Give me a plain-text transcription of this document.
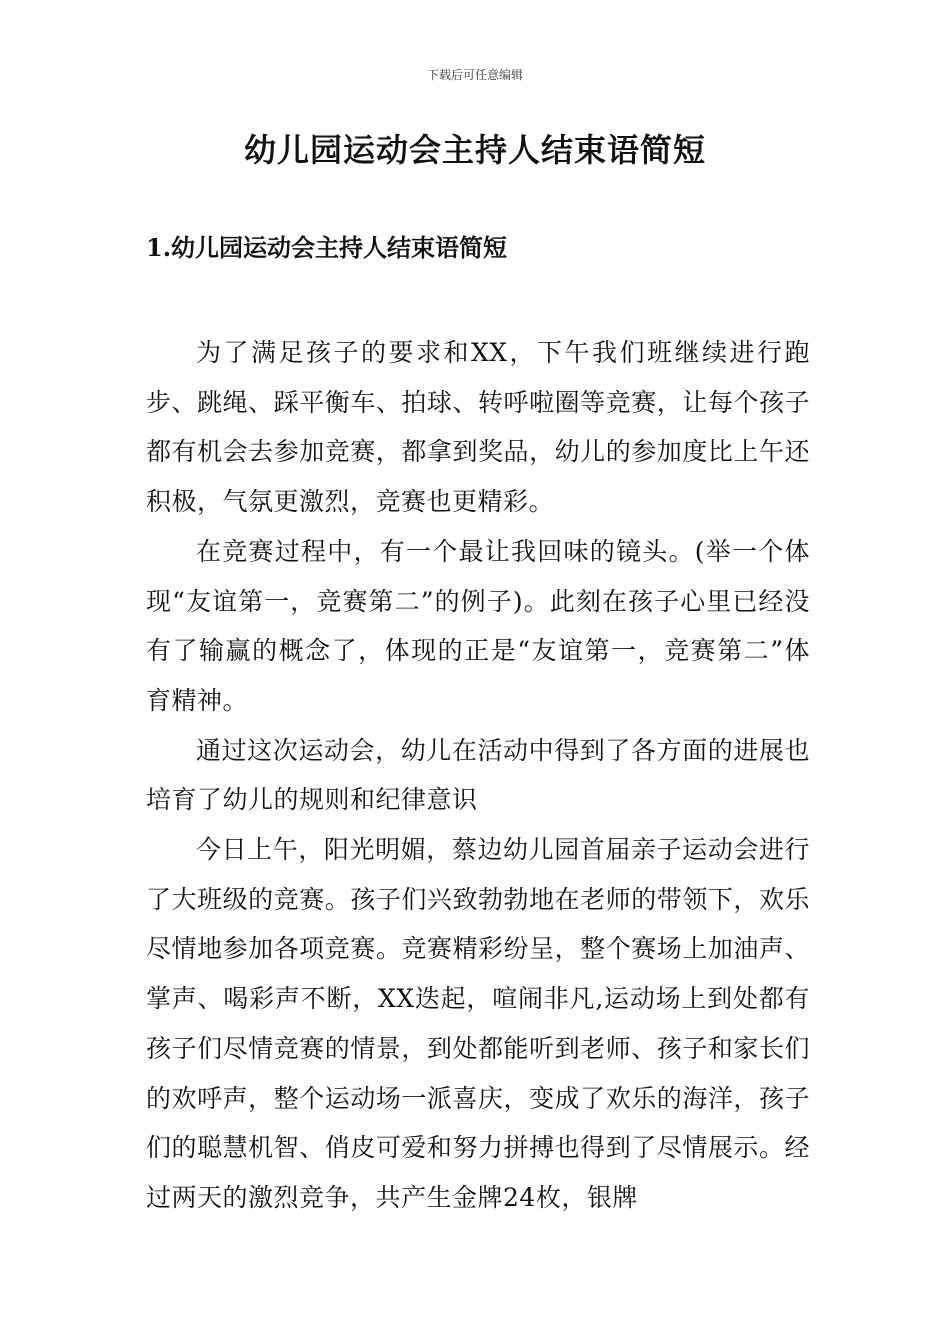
下载后可任意编辑
幼儿园运动会主持人结束语简短
1.幼儿园运动会主持人结束语简短

为了满足孩子的要求和XX，下午我们班继续进行跑步、跳绳、踩平衡车、拍球、转呼啦圈等竞赛，让每个孩子都有机会去参加竞赛，都拿到奖品，幼儿的参加度比上午还积极，气氛更激烈，竞赛也更精彩。

在竞赛过程中，有一个最让我回味的镜头。(举一个体现“友谊第一，竞赛第二”的例子)。此刻在孩子心里已经没有了输赢的概念了，体现的正是“友谊第一，竞赛第二”体育精神。

通过这次运动会，幼儿在活动中得到了各方面的进展也培育了幼儿的规则和纪律意识

今日上午，阳光明媚，蔡边幼儿园首届亲子运动会进行了大班级的竞赛。孩子们兴致勃勃地在老师的带领下，欢乐尽情地参加各项竞赛。竞赛精彩纷呈，整个赛场上加油声、掌声、喝彩声不断，XX迭起，喧闹非凡,运动场上到处都有孩子们尽情竞赛的情景，到处都能听到老师、孩子和家长们的欢呼声，整个运动场一派喜庆，变成了欢乐的海洋，孩子们的聪慧机智、俏皮可爱和努力拼搏也得到了尽情展示。经过两天的激烈竞争，共产生金牌24枚，银牌
